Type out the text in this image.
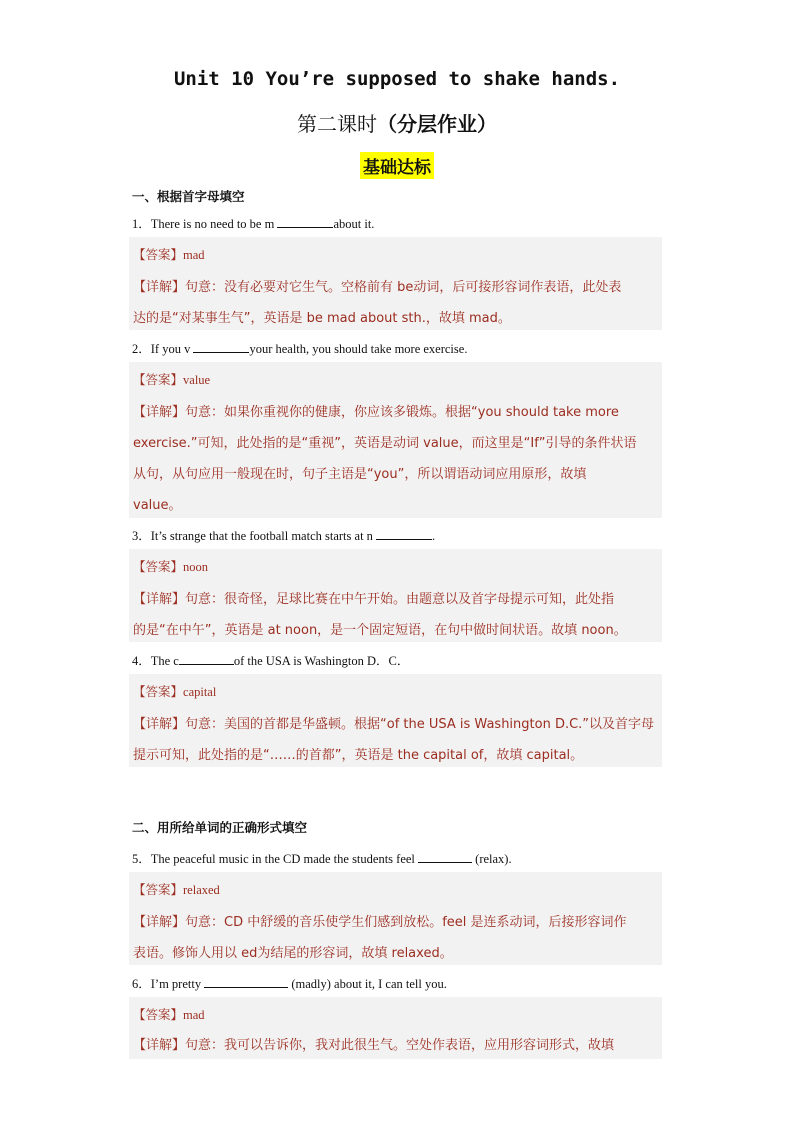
Unit 10 You’re supposed to shake hands.
第二课时（分层作业）
基础达标
一、根据首字母填空
1．There is no need to be m	about it.
【答案】mad
【详解】句意：没有必要对它生气。空格前有 be动词，后可接形容词作表语，此处表
达的是“对某事生气”，英语是 be mad about sth.，故填 mad。
2．If you v	your health, you should take more exercise.
【答案】value
【详解】句意：如果你重视你的健康，你应该多锻炼。根据“you should take more
exercise.”可知，此处指的是“重视”，英语是动词 value，而这里是“If”引导的条件状语
从句，从句应用一般现在时，句子主语是“you”，所以谓语动词应用原形，故填
value。
3．It’s strange that the football match starts at n	.
【答案】noon
【详解】句意：很奇怪，足球比赛在中午开始。由题意以及首字母提示可知，此处指
的是“在中午”，英语是 at noon，是一个固定短语，在句中做时间状语。故填 noon。
4．The c	of the USA is Washington D．C．
【答案】capital
【详解】句意：美国的首都是华盛顿。根据“of the USA is Washington D.C.”以及首字母
提示可知，此处指的是“……的首都”，英语是 the capital of，故填 capital。
二、用所给单词的正确形式填空
5．The peaceful music in the CD made the students feel	(relax).
【答案】relaxed
【详解】句意：CD 中舒缓的音乐使学生们感到放松。feel 是连系动词，后接形容词作
表语。修饰人用以 ed为结尾的形容词，故填 relaxed。
6．I’m pretty	(madly) about it, I can tell you.
【答案】mad
【详解】句意：我可以告诉你，我对此很生气。空处作表语，应用形容词形式，故填
